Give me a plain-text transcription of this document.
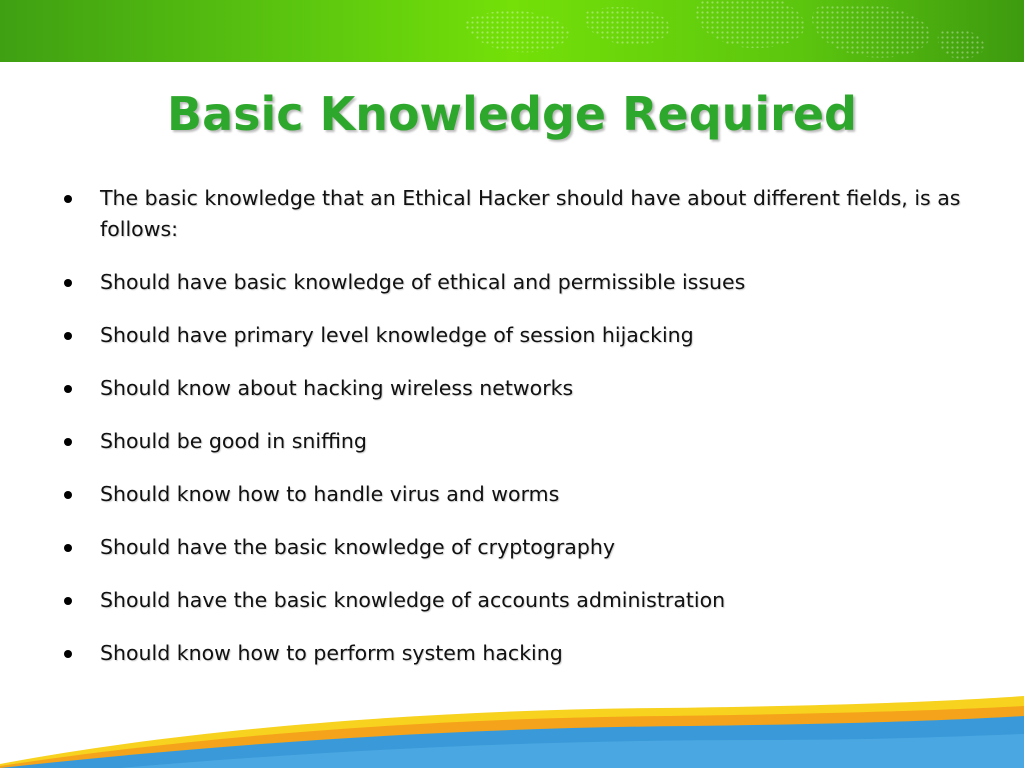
Basic Knowledge Required
The basic knowledge that an Ethical Hacker should have about different fields, is as follows:
Should have basic knowledge of ethical and permissible issues
Should have primary level knowledge of session hijacking
Should know about hacking wireless networks
Should be good in sniffing
Should know how to handle virus and worms
Should have the basic knowledge of cryptography
Should have the basic knowledge of accounts administration
Should know how to perform system hacking
